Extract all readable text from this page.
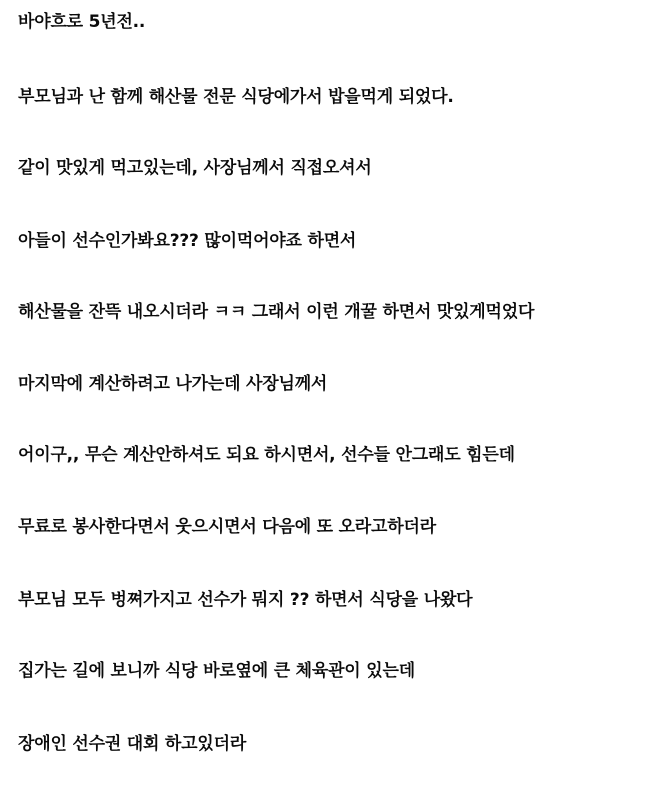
바야흐로 5년전..

부모님과 난 함께 해산물 전문 식당에가서 밥을먹게 되었다.

같이 맛있게 먹고있는데, 사장님께서 직접오셔서

아들이 선수인가봐요??? 많이먹어야죠 하면서

해산물을 잔뜩 내오시더라 ㅋㅋ 그래서 이런 개꿀 하면서 맛있게먹었다

마지막에 계산하려고 나가는데 사장님께서

어이구,, 무슨 계산안하셔도 되요 하시면서, 선수들 안그래도 힘든데

무료로 봉사한다면서 웃으시면서 다음에 또 오라고하더라

부모님 모두 벙쪄가지고 선수가 뭐지 ?? 하면서 식당을 나왔다

집가는 길에 보니까 식당 바로옆에 큰 체육관이 있는데

장애인 선수권 대회 하고있더라
